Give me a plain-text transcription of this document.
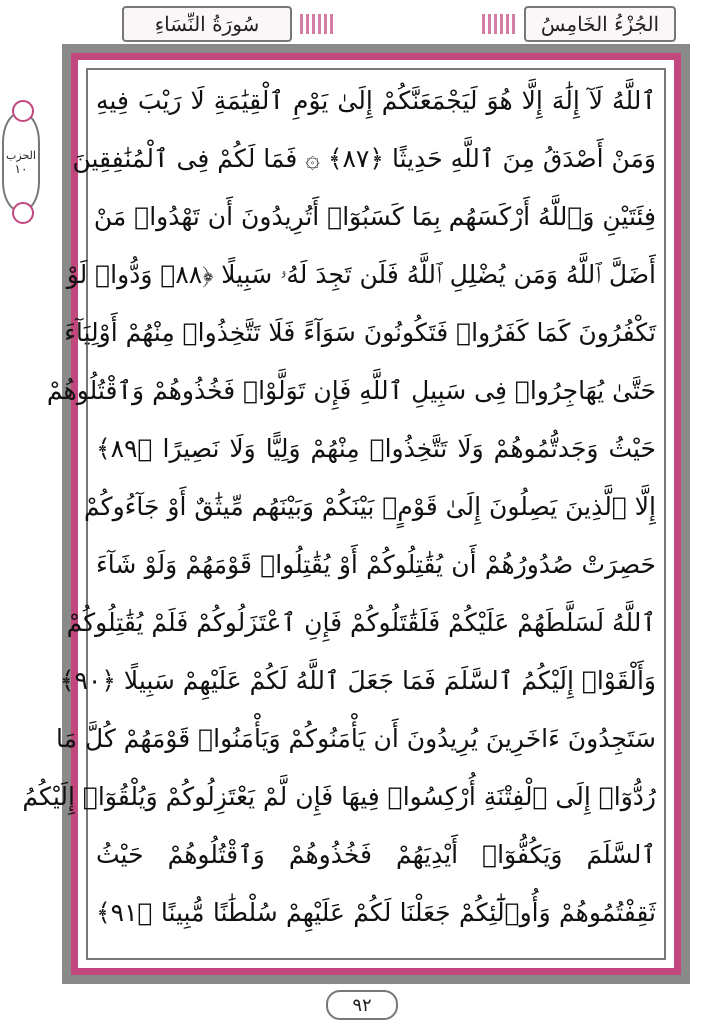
سُورَةُ النِّسَاءِ	الجُزْءُ الخَامِسُ
الحزب
١٠
ٱللَّهُ لَآ إِلَٰهَ إِلَّا هُوَ لَيَجْمَعَنَّكُمْ إِلَىٰ يَوْمِ ٱلْقِيَٰمَةِ لَا رَيْبَ فِيهِ
وَمَنْ أَصْدَقُ مِنَ ٱللَّهِ حَدِيثًا ﴿٨٧﴾ ۞ فَمَا لَكُمْ فِى ٱلْمُنَٰفِقِينَ
فِئَتَيْنِ وَٱللَّهُ أَرْكَسَهُم بِمَا كَسَبُوٓا۟ أَتُرِيدُونَ أَن تَهْدُوا۟ مَنْ
أَضَلَّ ٱللَّهُ وَمَن يُضْلِلِ ٱللَّهُ فَلَن تَجِدَ لَهُۥ سَبِيلًا ﴿٨٨﴾ وَدُّوا۟ لَوْ
تَكْفُرُونَ كَمَا كَفَرُوا۟ فَتَكُونُونَ سَوَآءً فَلَا تَتَّخِذُوا۟ مِنْهُمْ أَوْلِيَآءَ
حَتَّىٰ يُهَاجِرُوا۟ فِى سَبِيلِ ٱللَّهِ فَإِن تَوَلَّوْا۟ فَخُذُوهُمْ وَٱقْتُلُوهُمْ
حَيْثُ وَجَدتُّمُوهُمْ وَلَا تَتَّخِذُوا۟ مِنْهُمْ وَلِيًّا وَلَا نَصِيرًا ﴿٨٩﴾
إِلَّا ٱلَّذِينَ يَصِلُونَ إِلَىٰ قَوْمٍۭ بَيْنَكُمْ وَبَيْنَهُم مِّيثَٰقٌ أَوْ جَآءُوكُمْ
حَصِرَتْ صُدُورُهُمْ أَن يُقَٰتِلُوكُمْ أَوْ يُقَٰتِلُوا۟ قَوْمَهُمْ وَلَوْ شَآءَ
ٱللَّهُ لَسَلَّطَهُمْ عَلَيْكُمْ فَلَقَٰتَلُوكُمْ فَإِنِ ٱعْتَزَلُوكُمْ فَلَمْ يُقَٰتِلُوكُمْ
وَأَلْقَوْا۟ إِلَيْكُمُ ٱلسَّلَمَ فَمَا جَعَلَ ٱللَّهُ لَكُمْ عَلَيْهِمْ سَبِيلًا ﴿٩٠﴾
سَتَجِدُونَ ءَاخَرِينَ يُرِيدُونَ أَن يَأْمَنُوكُمْ وَيَأْمَنُوا۟ قَوْمَهُمْ كُلَّ مَا
رُدُّوٓا۟ إِلَى ٱلْفِتْنَةِ أُرْكِسُوا۟ فِيهَا فَإِن لَّمْ يَعْتَزِلُوكُمْ وَيُلْقُوٓا۟ إِلَيْكُمُ
ٱلسَّلَمَ وَيَكُفُّوٓا۟ أَيْدِيَهُمْ فَخُذُوهُمْ وَٱقْتُلُوهُمْ حَيْثُ
ثَقِفْتُمُوهُمْ وَأُو۟لَٰٓئِكُمْ جَعَلْنَا لَكُمْ عَلَيْهِمْ سُلْطَٰنًا مُّبِينًا ﴿٩١﴾
٩٢
